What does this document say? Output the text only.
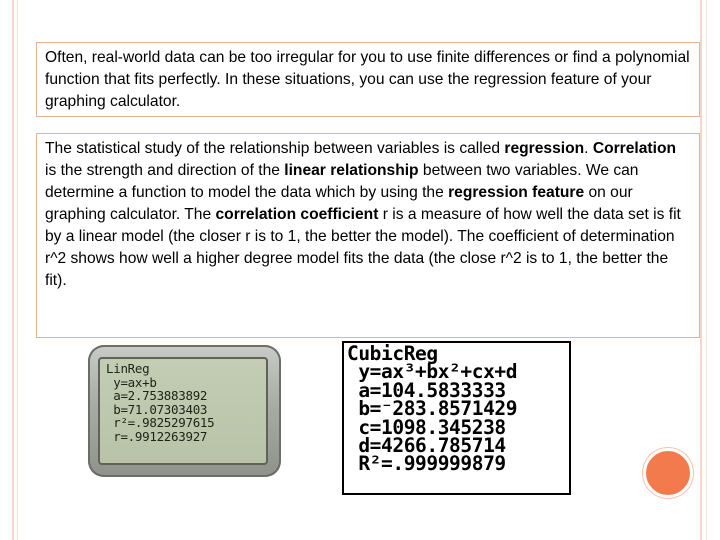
Often, real-world data can be too irregular for you to use finite differences or find a polynomial function that fits perfectly. In these situations, you can use the regression feature of your graphing calculator.

The statistical study of the relationship between variables is called regression. Correlation is the strength and direction of the linear relationship between two variables. We can determine a function to model the data which by using the regression feature on our graphing calculator. The correlation coefficient r is a measure of how well the data set is fit by a linear model (the closer r is to 1, the better the model). The coefficient of determination r^2 shows how well a higher degree model fits the data (the close r^2 is to 1, the better the fit).

LinReg
y=ax+b
a=2.753883892
b=71.07303403
r²=.9825297615
r=.9912263927
CubicReg
y=ax³+bx²+cx+d
a=104.5833333
b=⁻283.8571429
c=1098.345238
d=4266.785714
R²=.999999879
